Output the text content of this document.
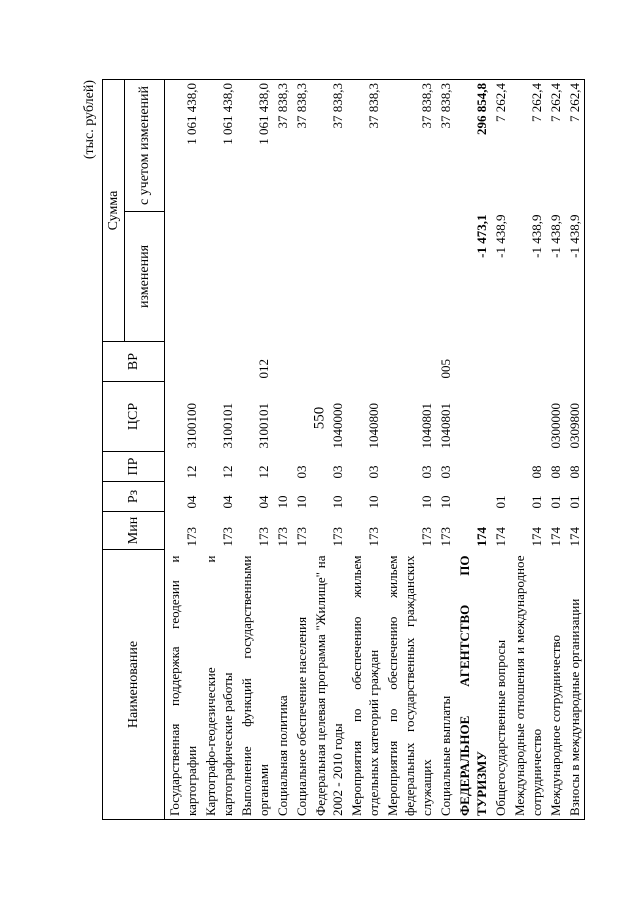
550
(тыс. рублей)
Наименование	Мин	Рз	ПР	ЦСР	ВР	Сумма	
						изменения	с учетом изменений
Государственная поддержка геодезии и картографии	173	04	12	3100100			1 061 438,0
Картографо-геодезические и картографические работы	173	04	12	3100101			1 061 438,0
Выполнение функций государственными органами	173	04	12	3100101	012		1 061 438,0
Социальная политика	173	10					37 838,3
Социальное обеспечение населения	173	10	03				37 838,3
Федеральная целевая программа "Жилище" на 2002 - 2010 годы	173	10	03	1040000			37 838,3
Мероприятия по обеспечению жильем отдельных категорий граждан	173	10	03	1040800			37 838,3
Мероприятия по обеспечению жильем федеральных государственных гражданских служащих	173	10	03	1040801			37 838,3
Социальные выплаты	173	10	03	1040801	005		37 838,3
ФЕДЕРАЛЬНОЕ АГЕНТСТВО ПО ТУРИЗМУ	174					-1 473,1	296 854,8
Общегосударственные вопросы	174	01				-1 438,9	7 262,4
Международные отношения и международное сотрудничество	174	01	08			-1 438,9	7 262,4
Международное сотрудничество	174	01	08	0300000		-1 438,9	7 262,4
Взносы в международные организации	174	01	08	0309800		-1 438,9	7 262,4
